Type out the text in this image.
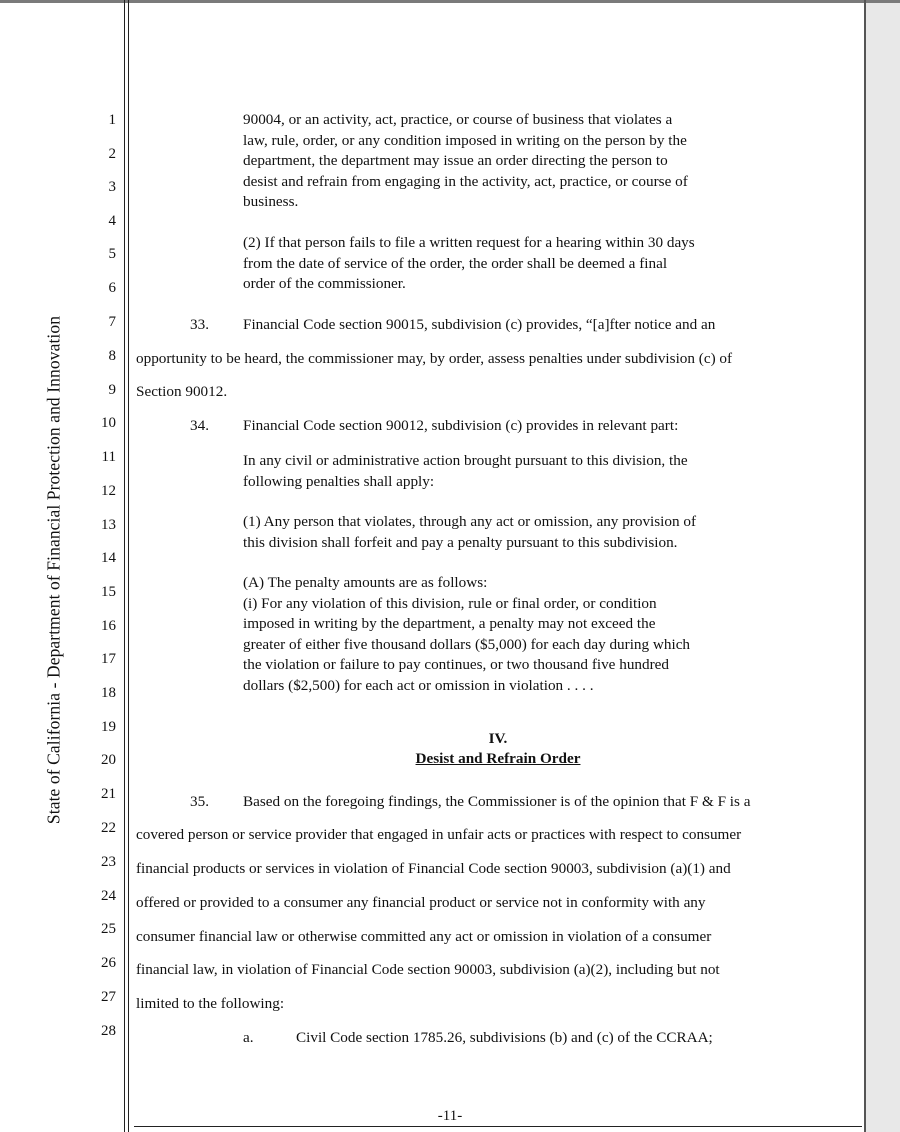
State of California - Department of Financial Protection and Innovation
1
2
3
4
5
6
7
8
9
10
11
12
13
14
15
16
17
18
19
20
21
22
23
24
25
26
27
28
90004, or an activity, act, practice, or course of business that violates a
law, rule, order, or any condition imposed in writing on the person by the
department, the department may issue an order directing the person to
desist and refrain from engaging in the activity, act, practice, or course of
business.
(2) If that person fails to file a written request for a hearing within 30 days
from the date of service of the order, the order shall be deemed a final
order of the commissioner.
33. Financial Code section 90015, subdivision (c) provides, “[a]fter notice and an
opportunity to be heard, the commissioner may, by order, assess penalties under subdivision (c) of
Section 90012.
34. Financial Code section 90012, subdivision (c) provides in relevant part:
In any civil or administrative action brought pursuant to this division, the
following penalties shall apply:
(1) Any person that violates, through any act or omission, any provision of
this division shall forfeit and pay a penalty pursuant to this subdivision.
(A) The penalty amounts are as follows:
(i) For any violation of this division, rule or final order, or condition
imposed in writing by the department, a penalty may not exceed the
greater of either five thousand dollars ($5,000) for each day during which
the violation or failure to pay continues, or two thousand five hundred
dollars ($2,500) for each act or omission in violation . . . .
IV.
Desist and Refrain Order
35. Based on the foregoing findings, the Commissioner is of the opinion that F & F is a
covered person or service provider that engaged in unfair acts or practices with respect to consumer
financial products or services in violation of Financial Code section 90003, subdivision (a)(1) and
offered or provided to a consumer any financial product or service not in conformity with any
consumer financial law or otherwise committed any act or omission in violation of a consumer
financial law, in violation of Financial Code section 90003, subdivision (a)(2), including but not
limited to the following:
a.	Civil Code section 1785.26, subdivisions (b) and (c) of the CCRAA;
-11-
